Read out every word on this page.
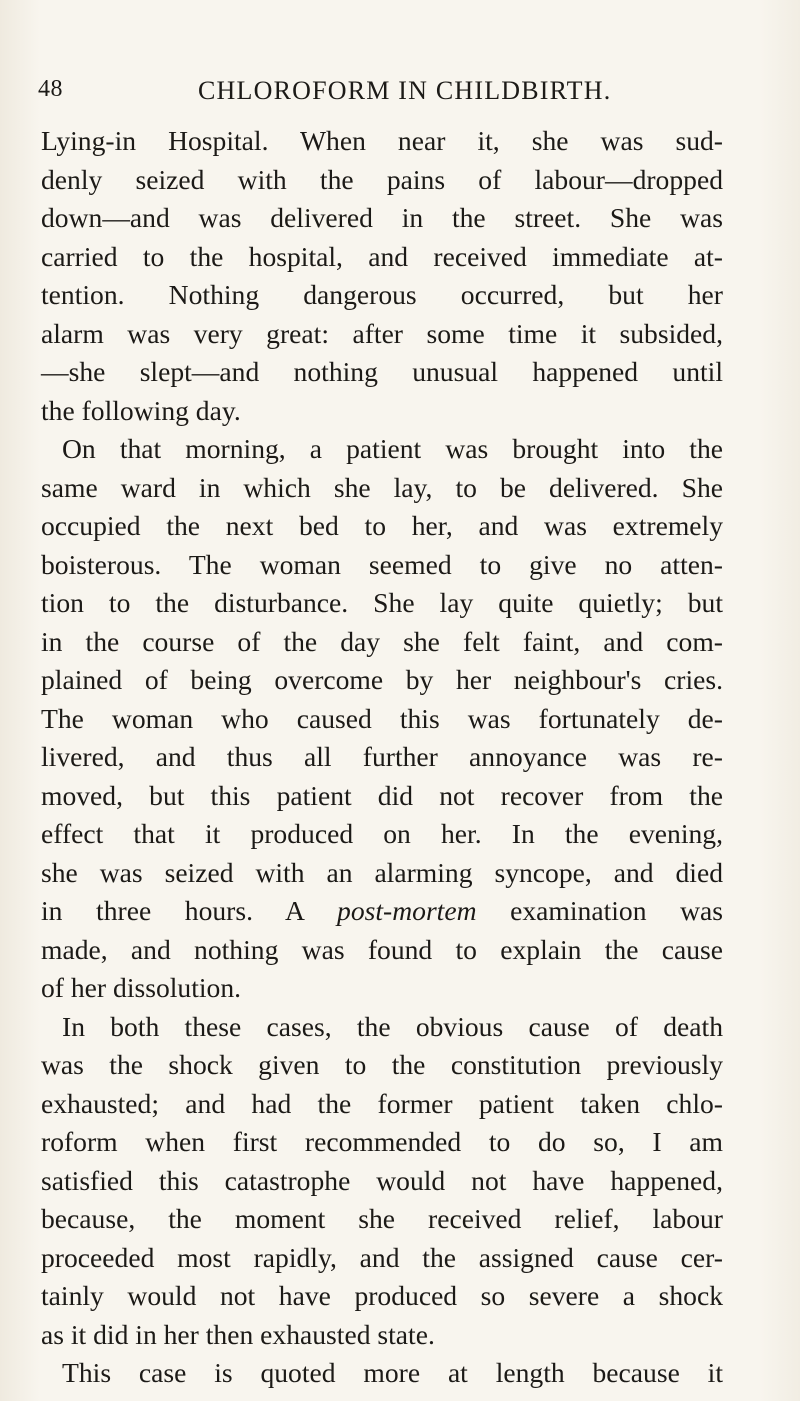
48	CHLOROFORM IN CHILDBIRTH.
Lying-in Hospital. When near it, she was sud-
denly seized with the pains of labour—dropped
down—and was delivered in the street. She was
carried to the hospital, and received immediate at-
tention. Nothing dangerous occurred, but her
alarm was very great: after some time it subsided,
—she slept—and nothing unusual happened until
the following day.
On that morning, a patient was brought into the
same ward in which she lay, to be delivered. She
occupied the next bed to her, and was extremely
boisterous. The woman seemed to give no atten-
tion to the disturbance. She lay quite quietly; but
in the course of the day she felt faint, and com-
plained of being overcome by her neighbour's cries.
The woman who caused this was fortunately de-
livered, and thus all further annoyance was re-
moved, but this patient did not recover from the
effect that it produced on her. In the evening,
she was seized with an alarming syncope, and died
in three hours. A post-mortem examination was
made, and nothing was found to explain the cause
of her dissolution.
In both these cases, the obvious cause of death
was the shock given to the constitution previously
exhausted; and had the former patient taken chlo-
roform when first recommended to do so, I am
satisfied this catastrophe would not have happened,
because, the moment she received relief, labour
proceeded most rapidly, and the assigned cause cer-
tainly would not have produced so severe a shock
as it did in her then exhausted state.
This case is quoted more at length because it
